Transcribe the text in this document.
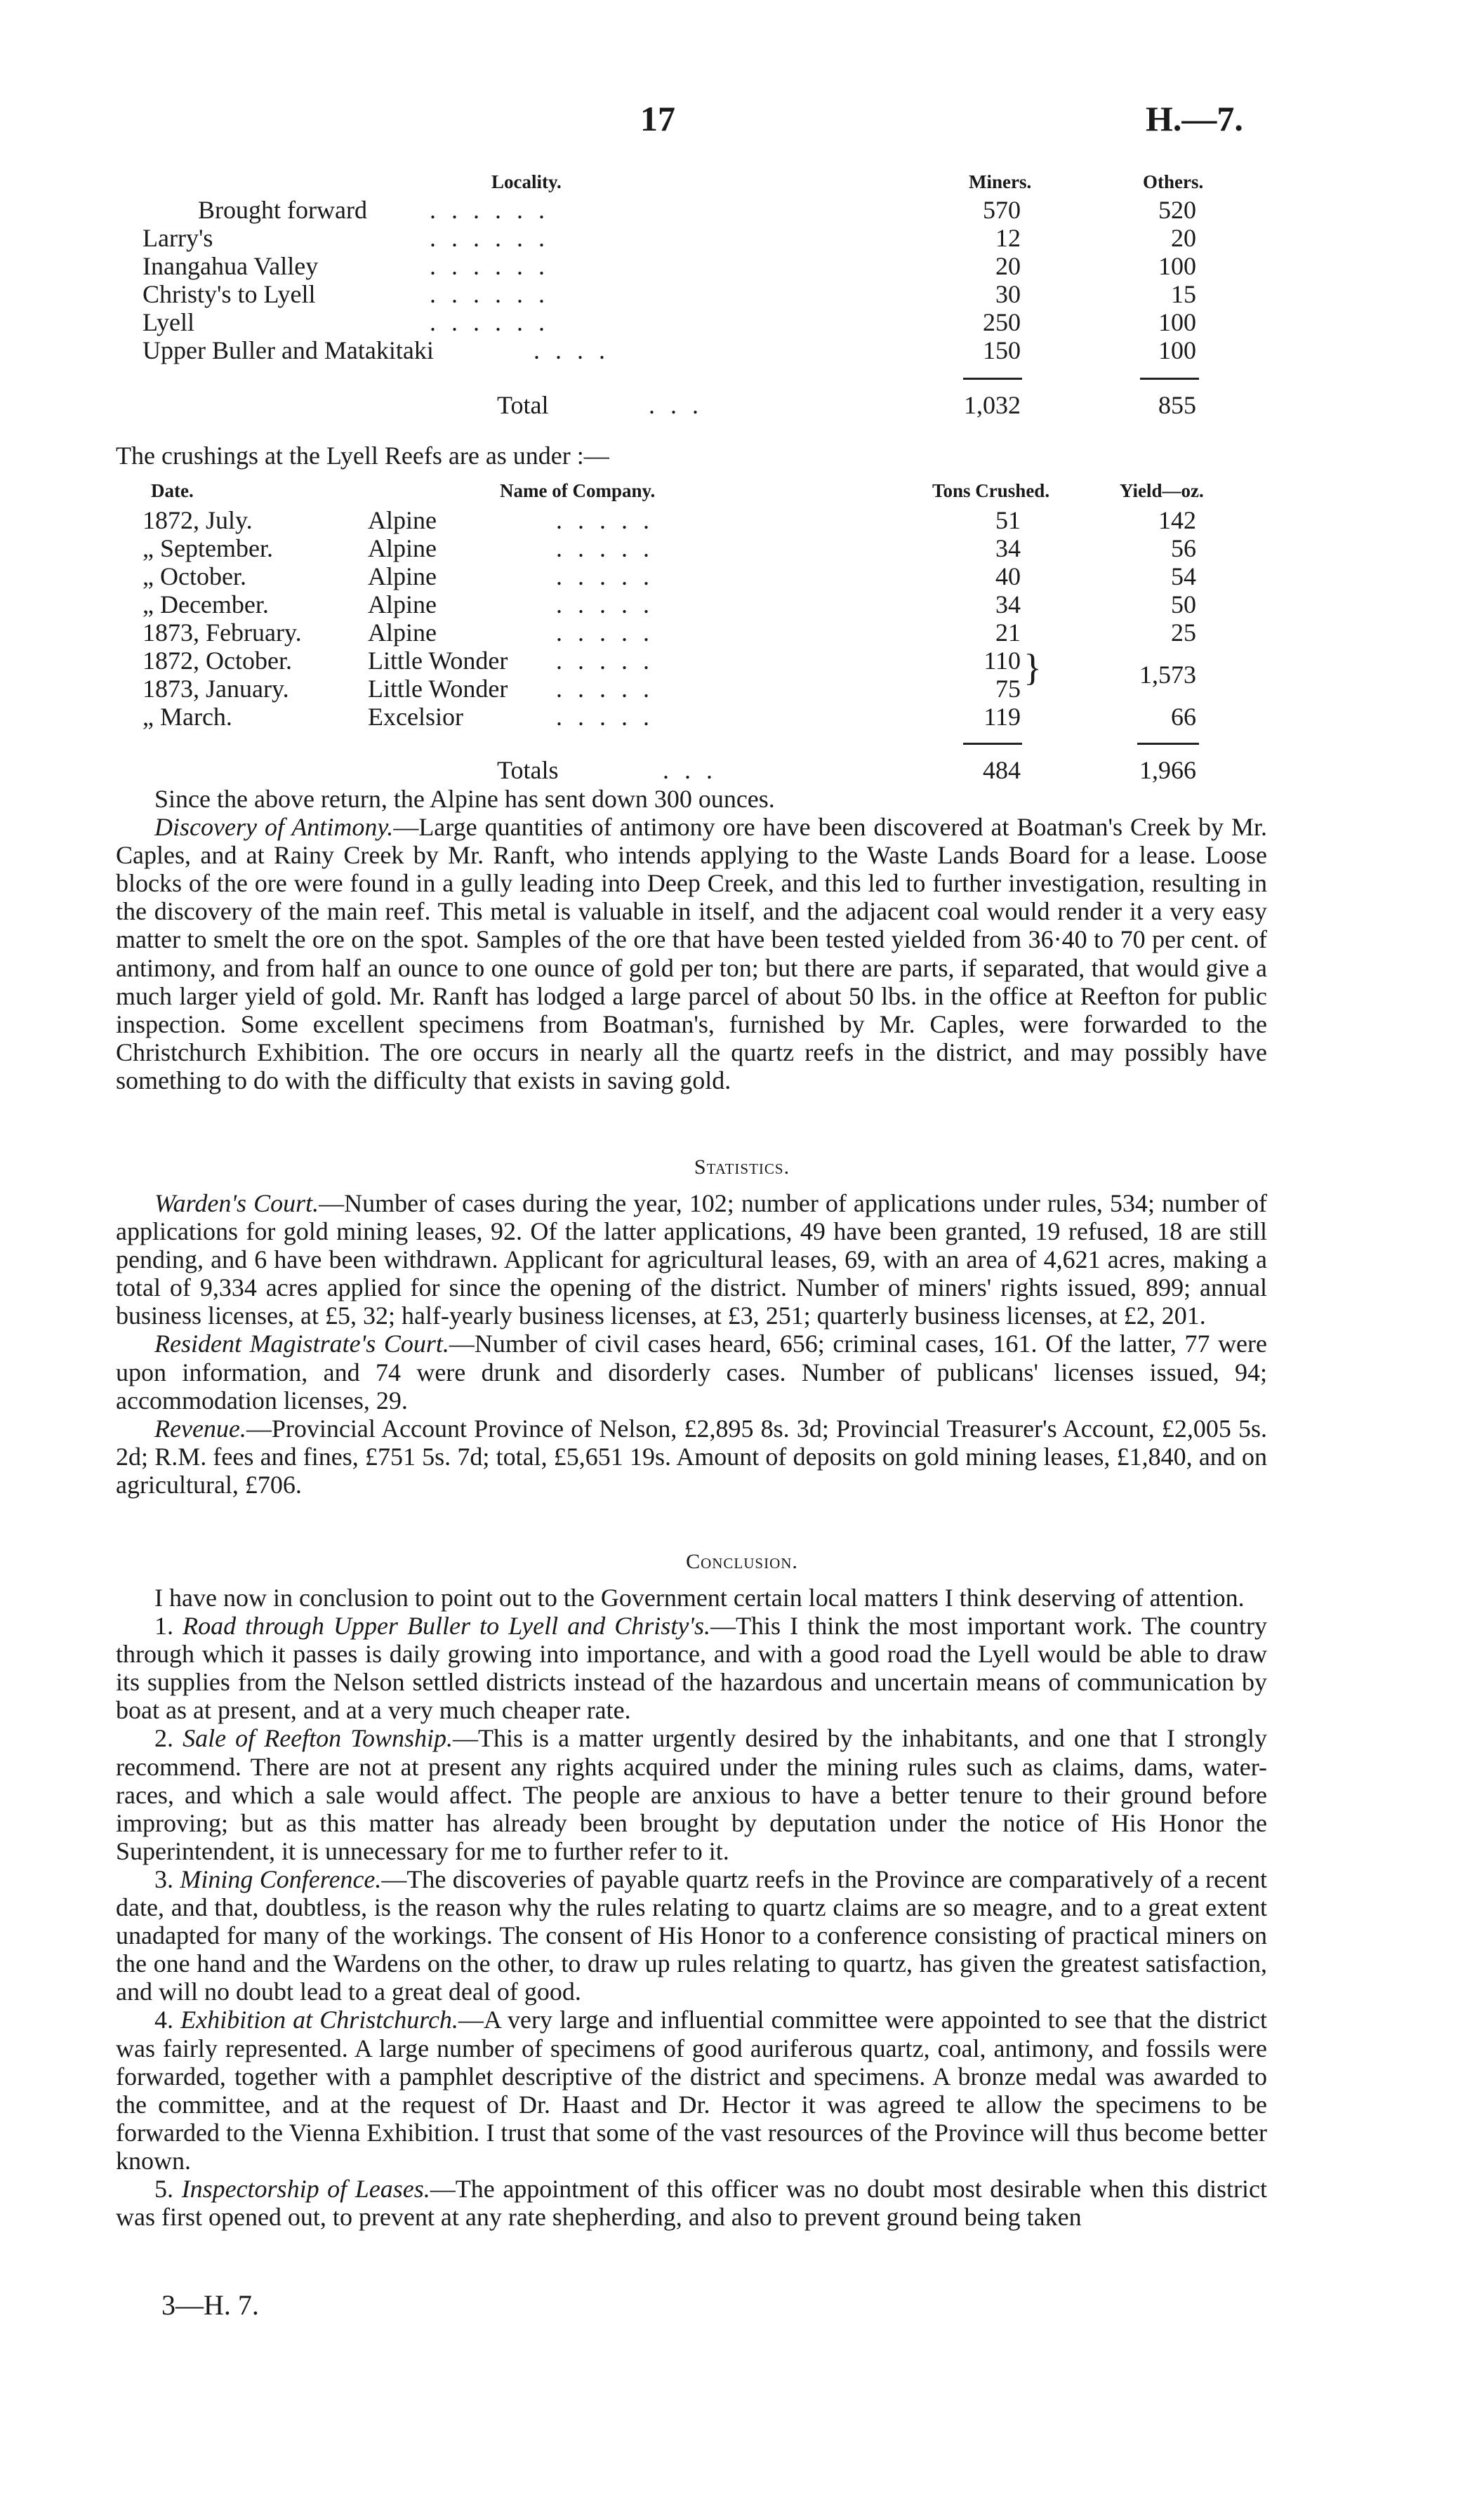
17	H.—7.
Locality.	Miners.	Others.
Brought forward ......	570	520
Larry's	......	12	20
Inangahua Valley	......	20	100
Christy's to Lyell	......	30	15
Lyell	......	250	100
Upper Buller and Matakitaki	....	150	100
Total	...	1,032	855
The crushings at the Lyell Reefs are as under :—
Date.	Name of Company.	Tons Crushed.	Yield—oz.
1872, July.	Alpine	.....	51	142
„ September.	Alpine	.....	34	56
„ October.	Alpine	.....	40	54
„ December.	Alpine	.....	34	50
1873, February.	Alpine	.....	21	25
1872, October.	Little Wonder .....	110
1873, January.	Little Wonder .....	75 }	1,573
„ March.	Excelsior	.....	119	66
Totals	...	484	1,966

Since the above return, the Alpine has sent down 300 ounces.

Discovery of Antimony.—Large quantities of antimony ore have been discovered at Boatman's Creek by Mr. Caples, and at Rainy Creek by Mr. Ranft, who intends applying to the Waste Lands Board for a lease. Loose blocks of the ore were found in a gully leading into Deep Creek, and this led to further investigation, resulting in the discovery of the main reef. This metal is valuable in itself, and the adjacent coal would render it a very easy matter to smelt the ore on the spot. Samples of the ore that have been tested yielded from 36·40 to 70 per cent. of antimony, and from half an ounce to one ounce of gold per ton; but there are parts, if separated, that would give a much larger yield of gold. Mr. Ranft has lodged a large parcel of about 50 lbs. in the office at Reefton for public inspection. Some excellent specimens from Boatman's, furnished by Mr. Caples, were forwarded to the Christchurch Exhibition. The ore occurs in nearly all the quartz reefs in the district, and may possibly have something to do with the difficulty that exists in saving gold.

Statistics.

Warden's Court.—Number of cases during the year, 102; number of applications under rules, 534; number of applications for gold mining leases, 92. Of the latter applications, 49 have been granted, 19 refused, 18 are still pending, and 6 have been withdrawn. Applicant for agricultural leases, 69, with an area of 4,621 acres, making a total of 9,334 acres applied for since the opening of the district. Number of miners' rights issued, 899; annual business licenses, at £5, 32; half-yearly business licenses, at £3, 251; quarterly business licenses, at £2, 201.

Resident Magistrate's Court.—Number of civil cases heard, 656; criminal cases, 161. Of the latter, 77 were upon information, and 74 were drunk and disorderly cases. Number of publicans' licenses issued, 94; accommodation licenses, 29.

Revenue.—Provincial Account Province of Nelson, £2,895 8s. 3d; Provincial Treasurer's Account, £2,005 5s. 2d; R.M. fees and fines, £751 5s. 7d; total, £5,651 19s. Amount of deposits on gold mining leases, £1,840, and on agricultural, £706.

Conclusion.

I have now in conclusion to point out to the Government certain local matters I think deserving of attention.

1. Road through Upper Buller to Lyell and Christy's.—This I think the most important work. The country through which it passes is daily growing into importance, and with a good road the Lyell would be able to draw its supplies from the Nelson settled districts instead of the hazardous and uncertain means of communication by boat as at present, and at a very much cheaper rate.

2. Sale of Reefton Township.—This is a matter urgently desired by the inhabitants, and one that I strongly recommend. There are not at present any rights acquired under the mining rules such as claims, dams, water-races, and which a sale would affect. The people are anxious to have a better tenure to their ground before improving; but as this matter has already been brought by deputation under the notice of His Honor the Superintendent, it is unnecessary for me to further refer to it.

3. Mining Conference.—The discoveries of payable quartz reefs in the Province are comparatively of a recent date, and that, doubtless, is the reason why the rules relating to quartz claims are so meagre, and to a great extent unadapted for many of the workings. The consent of His Honor to a conference consisting of practical miners on the one hand and the Wardens on the other, to draw up rules relating to quartz, has given the greatest satisfaction, and will no doubt lead to a great deal of good.

4. Exhibition at Christchurch.—A very large and influential committee were appointed to see that the district was fairly represented. A large number of specimens of good auriferous quartz, coal, antimony, and fossils were forwarded, together with a pamphlet descriptive of the district and specimens. A bronze medal was awarded to the committee, and at the request of Dr. Haast and Dr. Hector it was agreed te allow the specimens to be forwarded to the Vienna Exhibition. I trust that some of the vast resources of the Province will thus become better known.

5. Inspectorship of Leases.—The appointment of this officer was no doubt most desirable when this district was first opened out, to prevent at any rate shepherding, and also to prevent ground being taken

3—H. 7.
